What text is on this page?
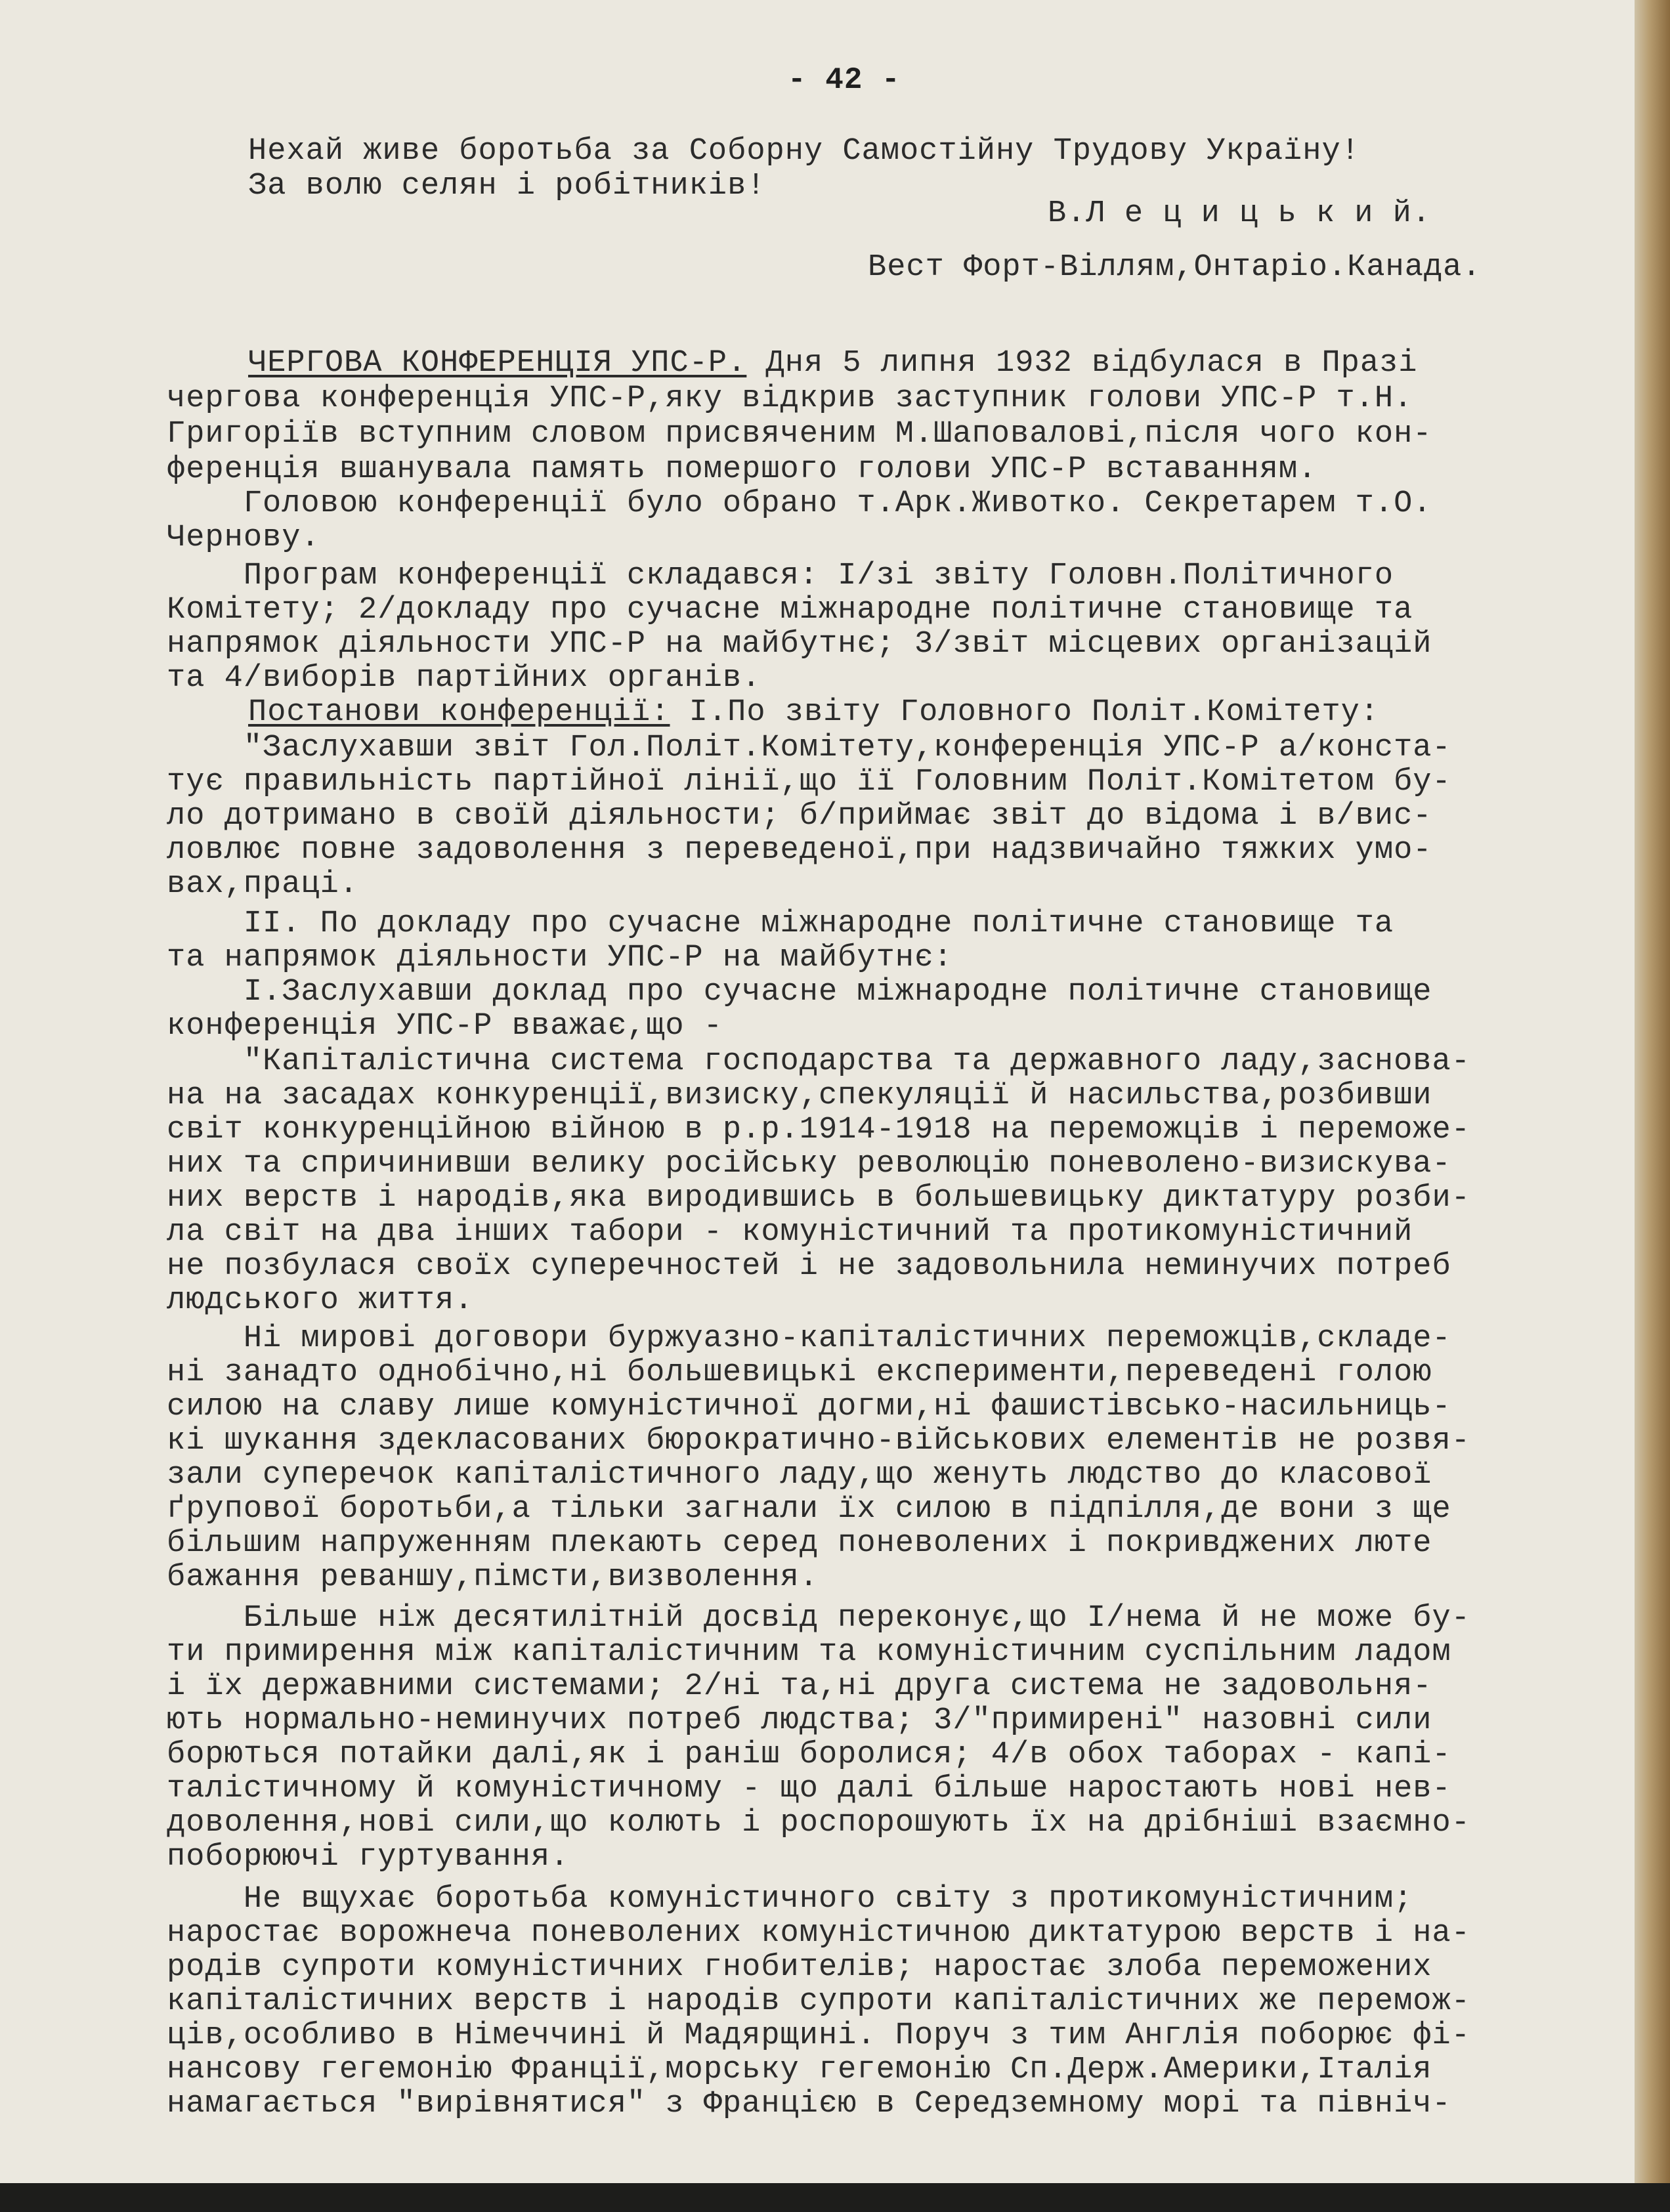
- 42 -
Нехай живе боротьба за Соборну Самостійну Трудову Україну!
За волю селян і робітників!
В.Л е ц и ц ь к и й.
Вест Форт-Віллям,Онтаріо.Канада.
ЧЕРГОВА КОНФЕРЕНЦІЯ УПС-Р. Дня 5 липня 1932 відбулася в Празі
чергова конференція УПС-Р,яку відкрив заступник голови УПС-Р т.Н.
Григоріїв вступним словом присвяченим М.Шаповалові,після чого кон-
ференція вшанувала память помершого голови УПС-Р вставанням.
Головою конференції було обрано т.Арк.Животко. Секретарем т.О.
Чернову.
Програм конференції складався: І/зі звіту Головн.Політичного
Комітету; 2/докладу про сучасне міжнародне політичне становище та
напрямок діяльности УПС-Р на майбутнє; 3/звіт місцевих організацій
та 4/виборів партійних органів.
Постанови конференції: І.По звіту Головного Політ.Комітету:
"Заслухавши звіт Гол.Політ.Комітету,конференція УПС-Р а/конста-
тує правильність партійної лінії,що її Головним Політ.Комітетом бу-
ло дотримано в своїй діяльности; б/приймає звіт до відома і в/вис-
ловлює повне задоволення з переведеної,при надзвичайно тяжких умо-
вах,праці.
ІІ. По докладу про сучасне міжнародне політичне становище та
та напрямок діяльности УПС-Р на майбутнє:
І.Заслухавши доклад про сучасне міжнародне політичне становище
конференція УПС-Р вважає,що -
"Капіталістична система господарства та державного ладу,заснова-
на на засадах конкуренції,визиску,спекуляції й насильства,розбивши
світ конкуренційною війною в р.р.1914-1918 на переможців і переможе-
них та спричинивши велику російську революцію поневолено-визискува-
них верств і народів,яка виродившись в большевицьку диктатуру розби-
ла світ на два інших табори - комуністичний та протикомуністичний
не позбулася своїх суперечностей і не задовольнила неминучих потреб
людського життя.
Ні мирові договори буржуазно-капіталістичних переможців,складе-
ні занадто однобічно,ні большевицькі експерименти,переведені голою
силою на славу лише комуністичної догми,ні фашистівсько-насильниць-
кі шукання здекласованих бюрократично-військових елементів не розвя-
зали суперечок капіталістичного ладу,що женуть людство до класової
ґрупової боротьби,а тільки загнали їх силою в підпілля,де вони з ще
більшим напруженням плекають серед поневолених і покривджених люте
бажання реваншу,пімсти,визволення.
Більше ніж десятилітній досвід переконує,що І/нема й не може бу-
ти примирення між капіталістичним та комуністичним суспільним ладом
і їх державними системами; 2/ні та,ні друга система не задовольня-
ють нормально-неминучих потреб людства; 3/"примирені" назовні сили
борються потайки далі,як і раніш боролися; 4/в обох таборах - капі-
талістичному й комуністичному - що далі більше наростають нові нев-
доволення,нові сили,що колють і роспорошують їх на дрібніші взаємно-
поборюючі гуртування.
Не вщухає боротьба комуністичного світу з протикомуністичним;
наростає ворожнеча поневолених комуністичною диктатурою верств і на-
родів супроти комуністичних гнобителів; наростає злоба переможених
капіталістичних верств і народів супроти капіталістичних же перемож-
ців,особливо в Німеччині й Мадярщині. Поруч з тим Англія поборює фі-
нансову гегемонію Франції,морську гегемонію Сп.Держ.Америки,Італія
намагається "вирівнятися" з Францією в Середземному морі та північ-
